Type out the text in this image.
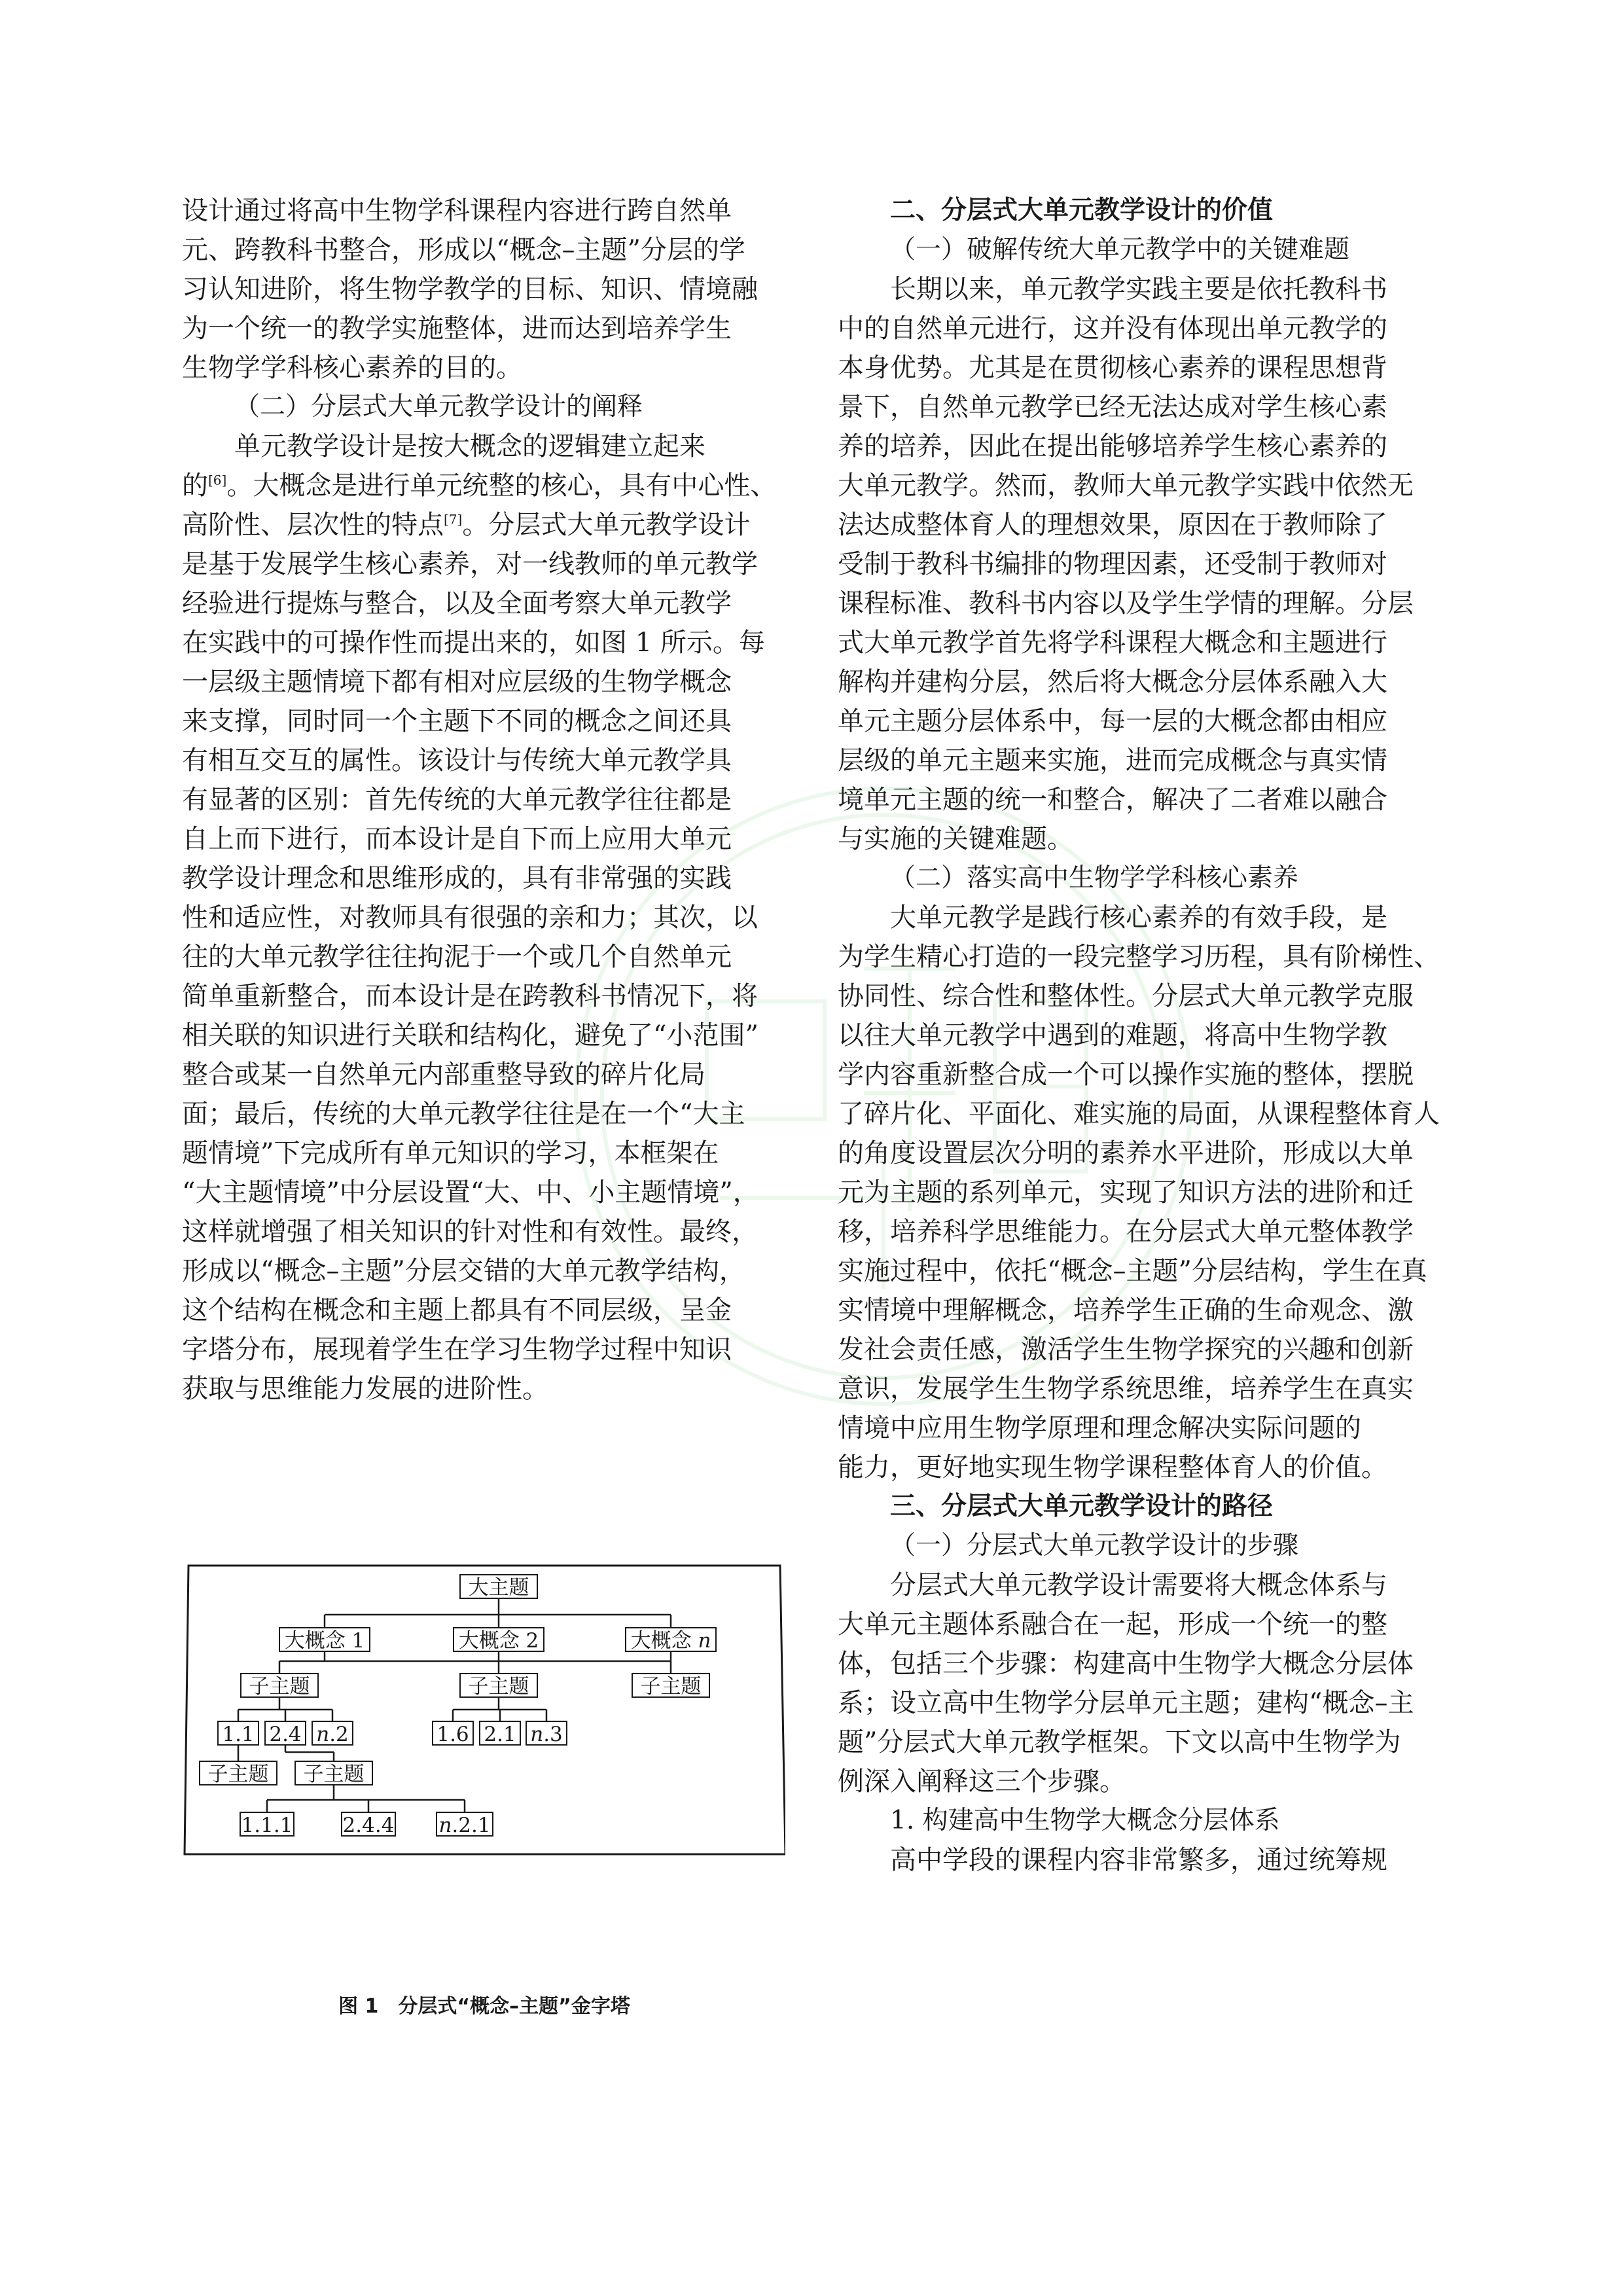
设计通过将高中生物学科课程内容进行跨自然单
元、跨教科书整合，形成以“概念–主题”分层的学
习认知进阶，将生物学教学的目标、知识、情境融
为一个统一的教学实施整体，进而达到培养学生
生物学学科核心素养的目的。
（二）分层式大单元教学设计的阐释
单元教学设计是按大概念的逻辑建立起来
的[6]。大概念是进行单元统整的核心，具有中心性、
高阶性、层次性的特点[7]。分层式大单元教学设计
是基于发展学生核心素养，对一线教师的单元教学
经验进行提炼与整合，以及全面考察大单元教学
在实践中的可操作性而提出来的，如图 1 所示。每
一层级主题情境下都有相对应层级的生物学概念
来支撑，同时同一个主题下不同的概念之间还具
有相互交互的属性。该设计与传统大单元教学具
有显著的区别：首先传统的大单元教学往往都是
自上而下进行，而本设计是自下而上应用大单元
教学设计理念和思维形成的，具有非常强的实践
性和适应性，对教师具有很强的亲和力；其次，以
往的大单元教学往往拘泥于一个或几个自然单元
简单重新整合，而本设计是在跨教科书情况下，将
相关联的知识进行关联和结构化，避免了“小范围”
整合或某一自然单元内部重整导致的碎片化局
面；最后，传统的大单元教学往往是在一个“大主
题情境”下完成所有单元知识的学习，本框架在
“大主题情境”中分层设置“大、中、小主题情境”，
这样就增强了相关知识的针对性和有效性。最终，
形成以“概念–主题”分层交错的大单元教学结构，
这个结构在概念和主题上都具有不同层级，呈金
字塔分布，展现着学生在学习生物学过程中知识
获取与思维能力发展的进阶性。
大主题
大概念 1	大概念 2	大概念 n
子主题	子主题	子主题
1.1 2.4 n.2	1.6 2.1 n.3
子主题	子主题
1.1.1 2.4.4 n.2.1
图 1　分层式“概念–主题”金字塔
二、分层式大单元教学设计的价值
（一）破解传统大单元教学中的关键难题
长期以来，单元教学实践主要是依托教科书
中的自然单元进行，这并没有体现出单元教学的
本身优势。尤其是在贯彻核心素养的课程思想背
景下，自然单元教学已经无法达成对学生核心素
养的培养，因此在提出能够培养学生核心素养的
大单元教学。然而，教师大单元教学实践中依然无
法达成整体育人的理想效果，原因在于教师除了
受制于教科书编排的物理因素，还受制于教师对
课程标准、教科书内容以及学生学情的理解。分层
式大单元教学首先将学科课程大概念和主题进行
解构并建构分层，然后将大概念分层体系融入大
单元主题分层体系中，每一层的大概念都由相应
层级的单元主题来实施，进而完成概念与真实情
境单元主题的统一和整合，解决了二者难以融合
与实施的关键难题。
（二）落实高中生物学学科核心素养
大单元教学是践行核心素养的有效手段，是
为学生精心打造的一段完整学习历程，具有阶梯性、
协同性、综合性和整体性。分层式大单元教学克服
以往大单元教学中遇到的难题，将高中生物学教
学内容重新整合成一个可以操作实施的整体，摆脱
了碎片化、平面化、难实施的局面，从课程整体育人
的角度设置层次分明的素养水平进阶，形成以大单
元为主题的系列单元，实现了知识方法的进阶和迁
移，培养科学思维能力。在分层式大单元整体教学
实施过程中，依托“概念–主题”分层结构，学生在真
实情境中理解概念，培养学生正确的生命观念、激
发社会责任感，激活学生生物学探究的兴趣和创新
意识，发展学生生物学系统思维，培养学生在真实
情境中应用生物学原理和理念解决实际问题的
能力，更好地实现生物学课程整体育人的价值。
三、分层式大单元教学设计的路径
（一）分层式大单元教学设计的步骤
分层式大单元教学设计需要将大概念体系与
大单元主题体系融合在一起，形成一个统一的整
体，包括三个步骤：构建高中生物学大概念分层体
系；设立高中生物学分层单元主题；建构“概念–主
题”分层式大单元教学框架。下文以高中生物学为
例深入阐释这三个步骤。
1. 构建高中生物学大概念分层体系
高中学段的课程内容非常繁多，通过统筹规
